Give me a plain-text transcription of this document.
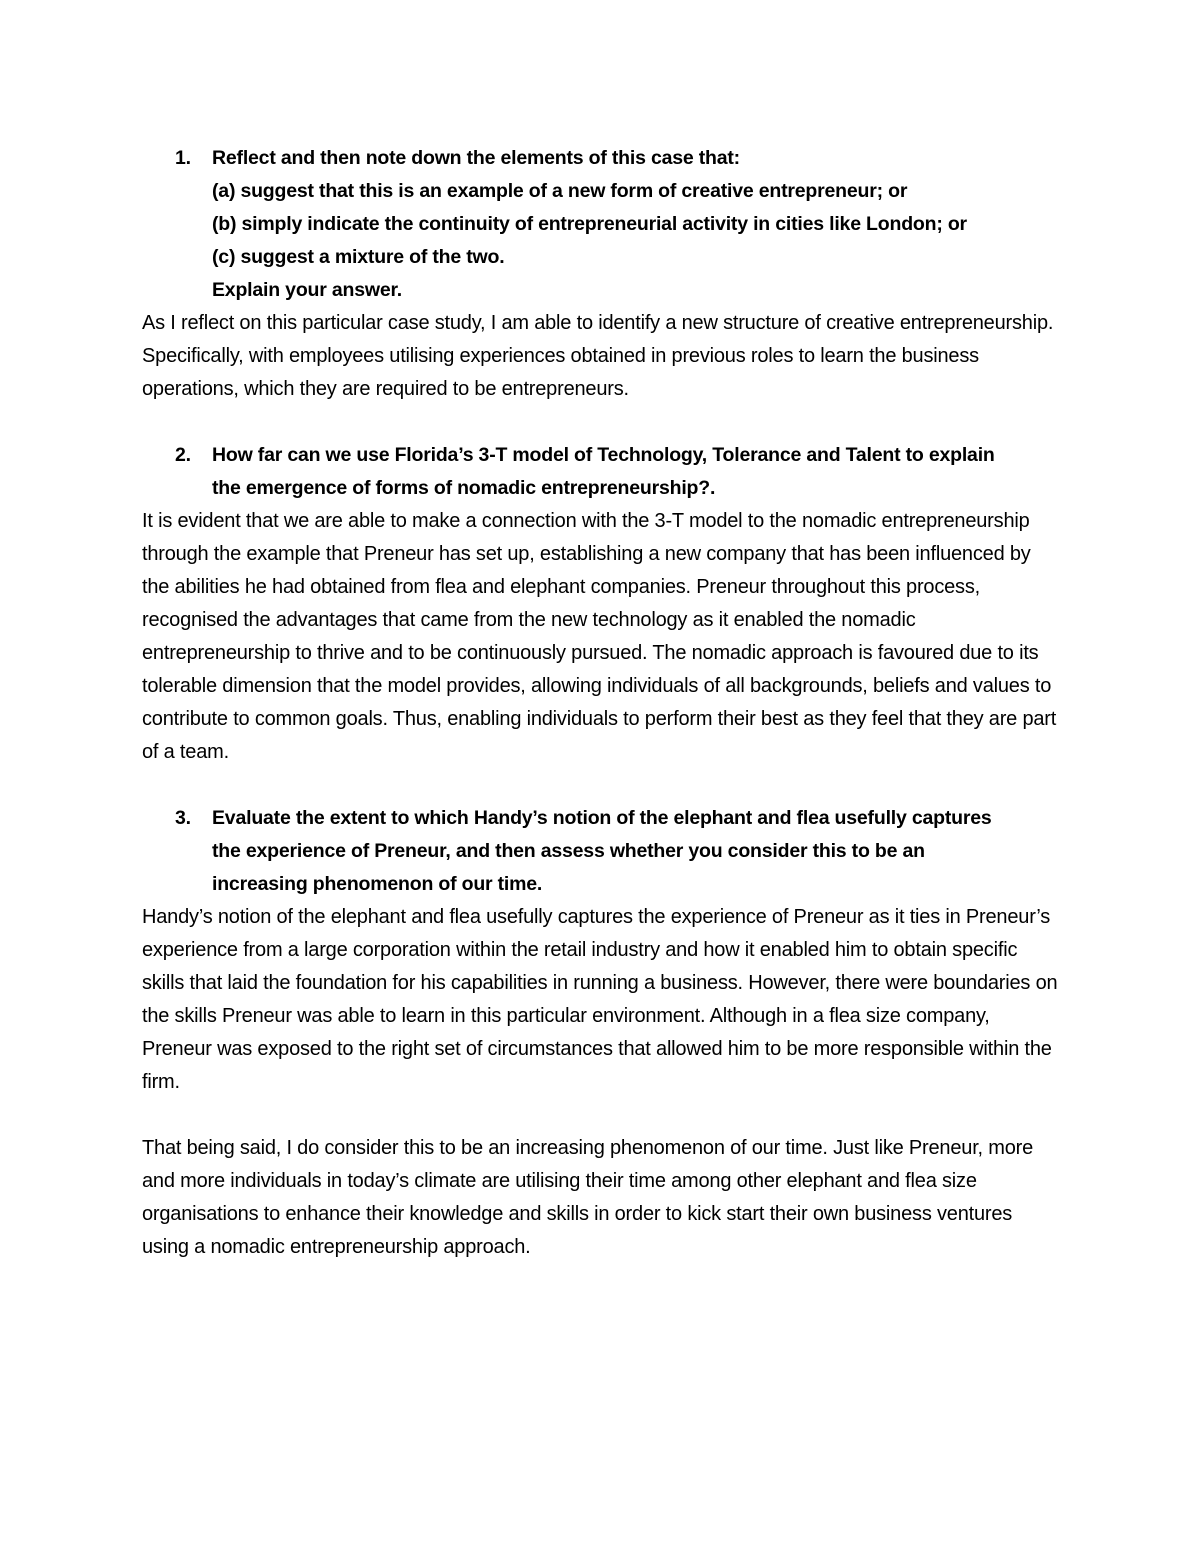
1. Reflect and then note down the elements of this case that:
(a) suggest that this is an example of a new form of creative entrepreneur; or
(b) simply indicate the continuity of entrepreneurial activity in cities like London; or
(c) suggest a mixture of the two.
Explain your answer.

As I reflect on this particular case study, I am able to identify a new structure of creative entrepreneurship. Specifically, with employees utilising experiences obtained in previous roles to learn the business operations, which they are required to be entrepreneurs.

2. How far can we use Florida’s 3-T model of Technology, Tolerance and Talent to explain
the emergence of forms of nomadic entrepreneurship?.

It is evident that we are able to make a connection with the 3-T model to the nomadic entrepreneurship through the example that Preneur has set up, establishing a new company that has been influenced by the abilities he had obtained from flea and elephant companies. Preneur throughout this process, recognised the advantages that came from the new technology as it enabled the nomadic entrepreneurship to thrive and to be continuously pursued. The nomadic approach is favoured due to its tolerable dimension that the model provides, allowing individuals of all backgrounds, beliefs and values to contribute to common goals. Thus, enabling individuals to perform their best as they feel that they are part of a team.

3. Evaluate the extent to which Handy’s notion of the elephant and flea usefully captures
the experience of Preneur, and then assess whether you consider this to be an
increasing phenomenon of our time.

Handy’s notion of the elephant and flea usefully captures the experience of Preneur as it ties in Preneur’s experience from a large corporation within the retail industry and how it enabled him to obtain specific skills that laid the foundation for his capabilities in running a business. However, there were boundaries on the skills Preneur was able to learn in this particular environment. Although in a flea size company, Preneur was exposed to the right set of circumstances that allowed him to be more responsible within the firm.

That being said, I do consider this to be an increasing phenomenon of our time. Just like Preneur, more and more individuals in today’s climate are utilising their time among other elephant and flea size organisations to enhance their knowledge and skills in order to kick start their own business ventures using a nomadic entrepreneurship approach.
